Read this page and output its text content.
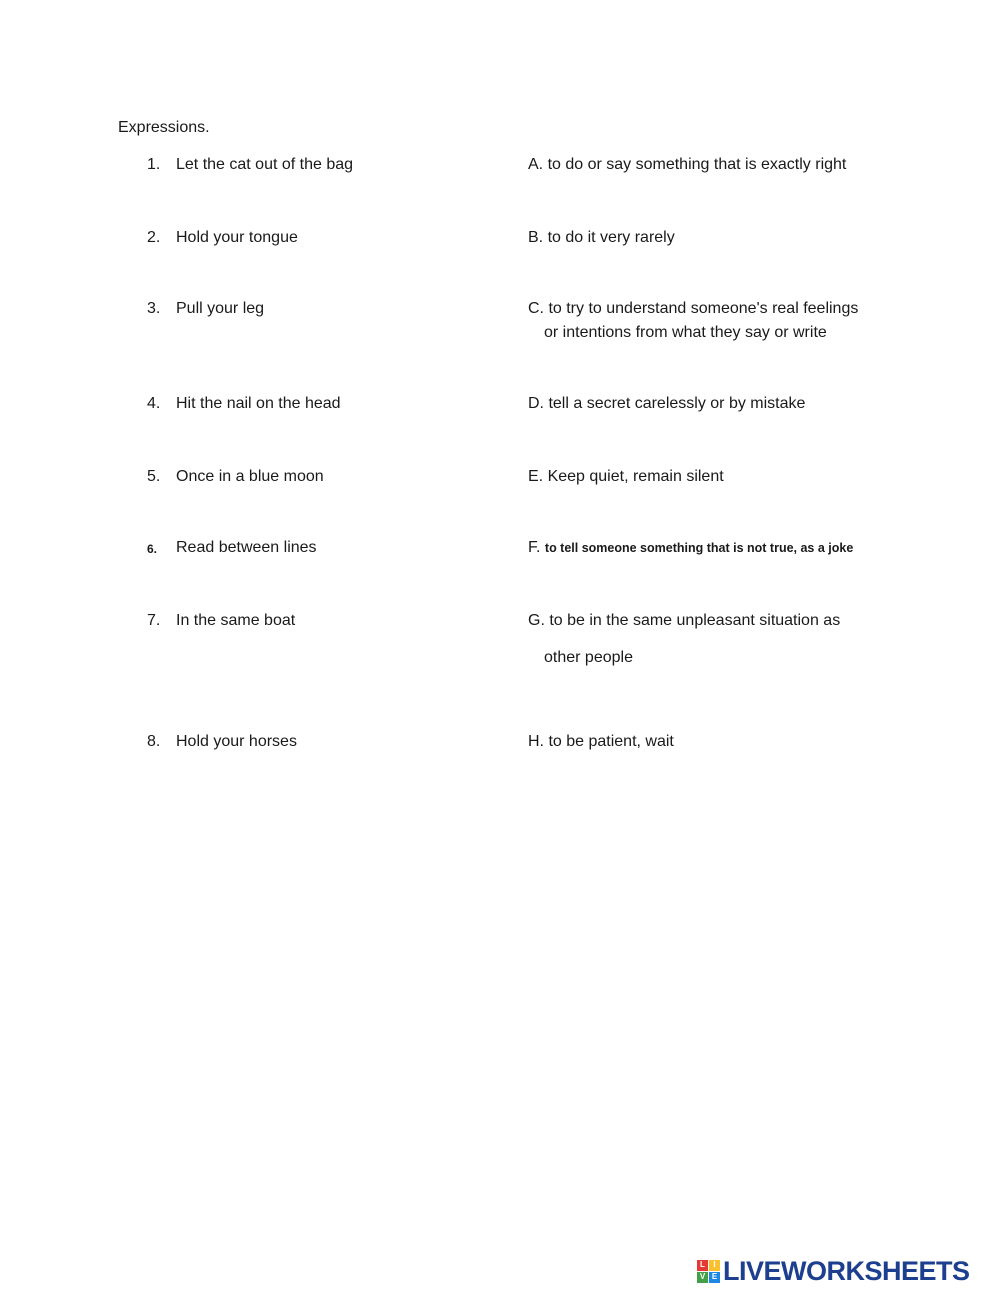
Expressions.
1. Let the cat out of the bag	A. to do or say something that is exactly right
2. Hold your tongue	B. to do it very rarely
3. Pull your leg	C. to try to understand someone's real feelings
or intentions from what they say or write
4. Hit the nail on the head	D. tell a secret carelessly or by mistake
5. Once in a blue moon	E. Keep quiet, remain silent
6. Read between lines	F. to tell someone something that is not true, as a joke
7. In the same boat	G. to be in the same unpleasant situation as
other people
8. Hold your horses	H. to be patient, wait
L	I
V E LIVEWORKSHEETS
